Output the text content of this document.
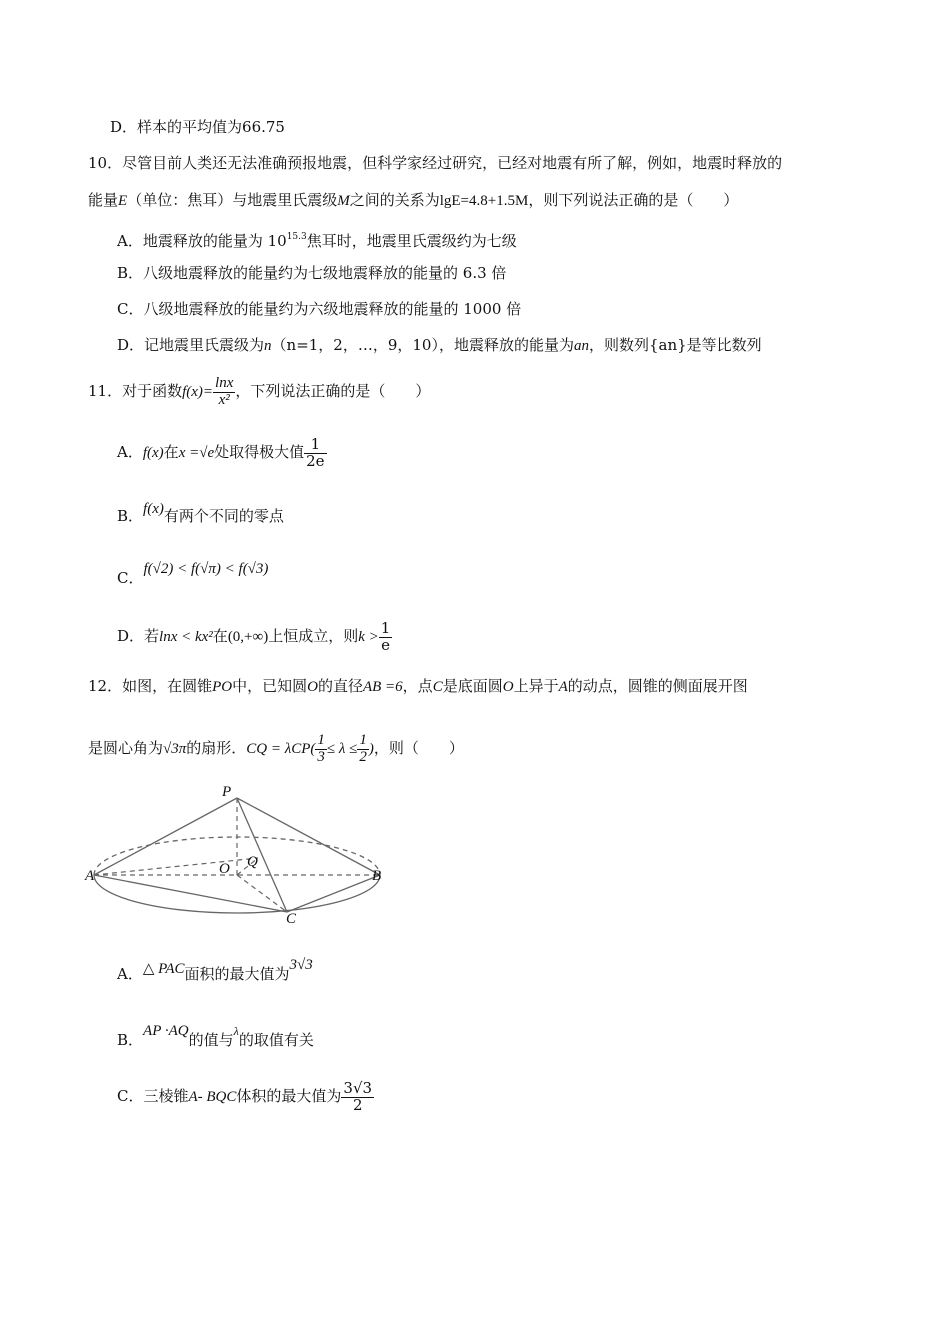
D．样本的平均值为66.75
10．尽管目前人类还无法准确预报地震，但科学家经过研究，已经对地震有所了解，例如，地震时释放的
能量E（单位：焦耳）与地震里氏震级M之间的关系为lgE=4.8+1.5M，则下列说法正确的是（　　）
A．地震释放的能量为 $10^{15.3}$焦耳时，地震里氏震级约为七级
B．八级地震释放的能量约为七级地震释放的能量的 6.3 倍
C．八级地震释放的能量约为六级地震释放的能量的 1000 倍
D．记地震里氏震级为n（n=1，2，…，9，10），地震释放的能量为an，则数列{an}是等比数列
11．对于函数$f(x)= \frac{\ln x}{\text{x²}}$ ，下列说法正确的是（　　）
A．f(x)在x =√e处取得极大值 $\frac{1}{2e}$
B．f(x)有两个不同的零点
C．f(√2) < f(√π) < f(√3)
D．若lnx < kx²在(0,+∞)上恒成立，则$k > \frac{1}{e}$
12．如图，在圆锥PO中，已知圆O的直径AB =6，点C是底面圆O上异于A的动点，圆锥的侧面展开图
是圆心角为√3π的扇形．CQ = $\lambda CP( \frac{1}{3} \le \lambda \le \frac{1}{2}$ )，则（　　）
P
A	B
C
O Q
A．△ PAC面积的最大值为3√3
B．AP ·AQ的值与$^\lambda$的取值有关
C．三棱锥A- BQC体积的最大值为 $\frac{3√3}{2}$
